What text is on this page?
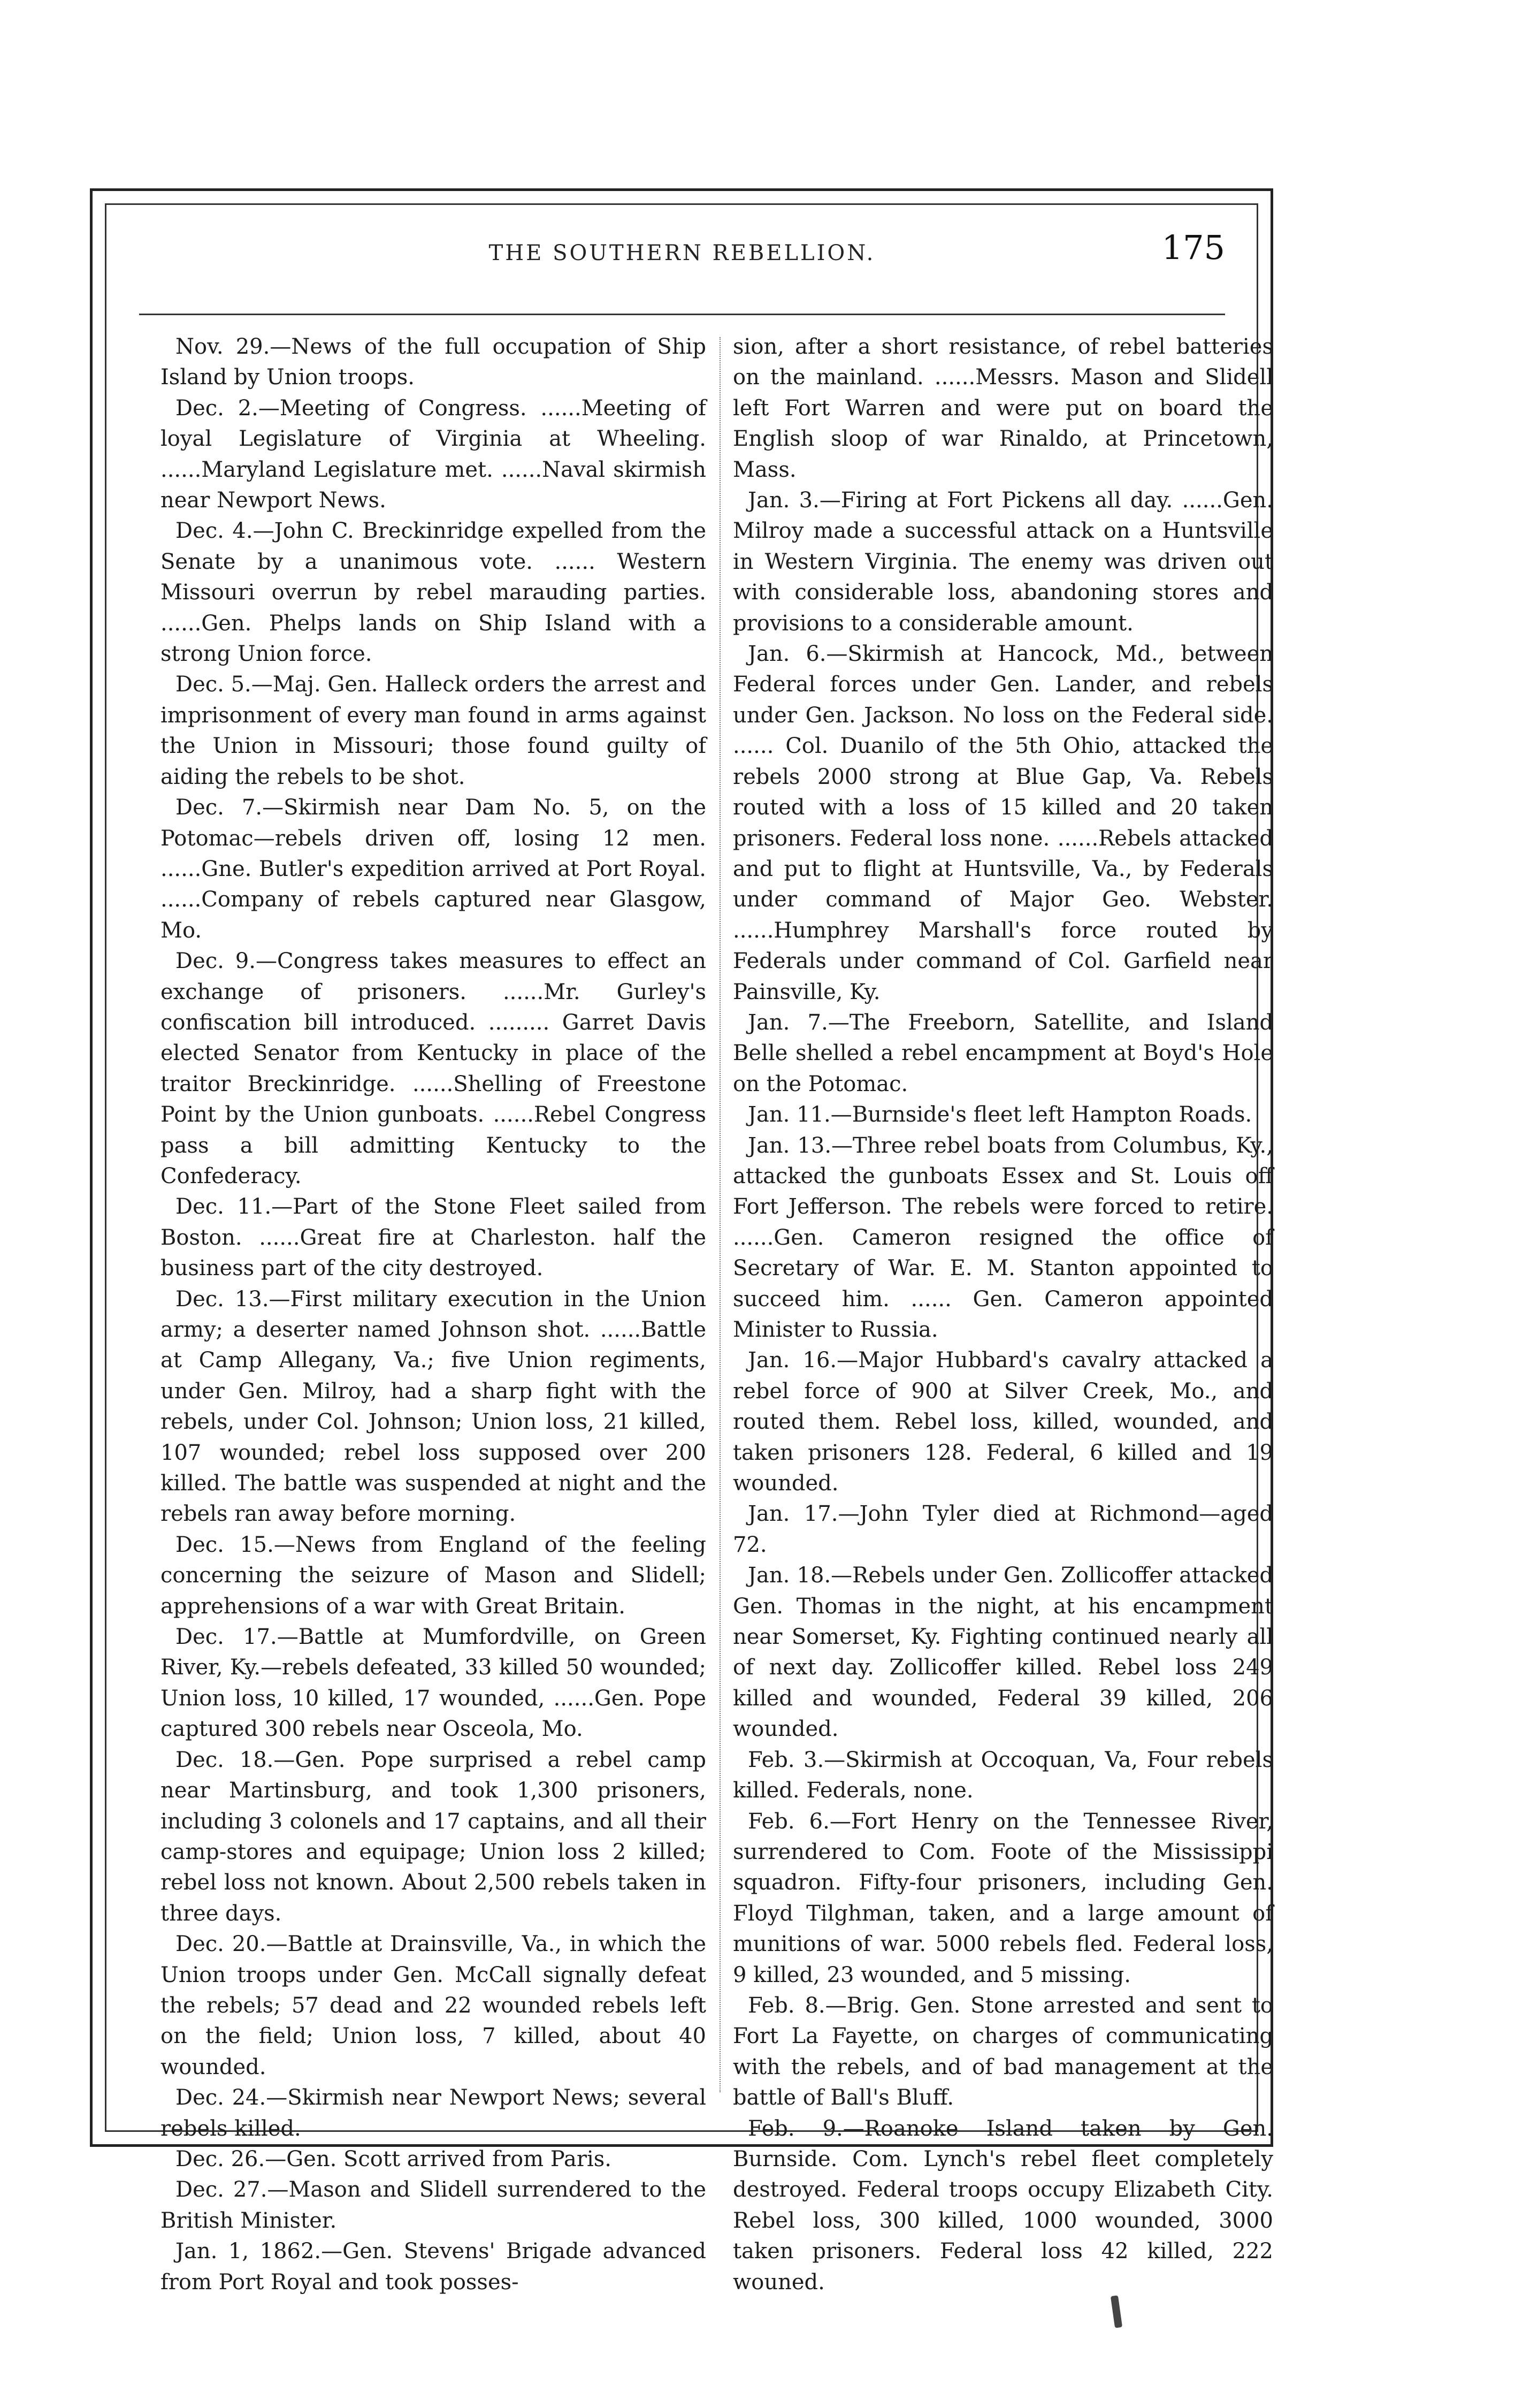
THE SOUTHERN REBELLION.	175

Nov. 29.—News of the full occupation of Ship Island by Union troops.

Dec. 2.—Meeting of Congress. ......Meeting of loyal Legislature of Virginia at Wheeling. ......Maryland Legislature met. ......Naval skirmish near Newport News.

Dec. 4.—John C. Breckinridge expelled from the Senate by a unanimous vote. ...... Western Missouri overrun by rebel marauding parties. ......Gen. Phelps lands on Ship Island with a strong Union force.

Dec. 5.—Maj. Gen. Halleck orders the arrest and imprisonment of every man found in arms against the Union in Missouri; those found guilty of aiding the rebels to be shot.

Dec. 7.—Skirmish near Dam No. 5, on the Potomac—rebels driven off, losing 12 men. ......Gne. Butler's expedition arrived at Port Royal. ......Company of rebels captured near Glasgow, Mo.

Dec. 9.—Congress takes measures to effect an exchange of prisoners. ......Mr. Gurley's confiscation bill introduced. ......... Garret Davis elected Senator from Kentucky in place of the traitor Breckinridge. ......Shelling of Freestone Point by the Union gunboats. ......Rebel Congress pass a bill admitting Kentucky to the Confederacy.

Dec. 11.—Part of the Stone Fleet sailed from Boston. ......Great fire at Charleston. half the business part of the city destroyed.

Dec. 13.—First military execution in the Union army; a deserter named Johnson shot. ......Battle at Camp Allegany, Va.; five Union regiments, under Gen. Milroy, had a sharp fight with the rebels, under Col. Johnson; Union loss, 21 killed, 107 wounded; rebel loss supposed over 200 killed. The battle was suspended at night and the rebels ran away before morning.

Dec. 15.—News from England of the feeling concerning the seizure of Mason and Slidell; apprehensions of a war with Great Britain.

Dec. 17.—Battle at Mumfordville, on Green River, Ky.—rebels defeated, 33 killed 50 wounded; Union loss, 10 killed, 17 wounded, ......Gen. Pope captured 300 rebels near Osceola, Mo.

Dec. 18.—Gen. Pope surprised a rebel camp near Martinsburg, and took 1,300 prisoners, including 3 colonels and 17 captains, and all their camp-stores and equipage; Union loss 2 killed; rebel loss not known. About 2,500 rebels taken in three days.

Dec. 20.—Battle at Drainsville, Va., in which the Union troops under Gen. McCall signally defeat the rebels; 57 dead and 22 wounded rebels left on the field; Union loss, 7 killed, about 40 wounded.

Dec. 24.—Skirmish near Newport News; several rebels killed.

Dec. 26.—Gen. Scott arrived from Paris.

Dec. 27.—Mason and Slidell surrendered to the British Minister.

Jan. 1, 1862.—Gen. Stevens' Brigade advanced from Port Royal and took posses-

sion, after a short resistance, of rebel batteries on the mainland. ......Messrs. Mason and Slidell left Fort Warren and were put on board the English sloop of war Rinaldo, at Princetown, Mass.

Jan. 3.—Firing at Fort Pickens all day. ......Gen. Milroy made a successful attack on a Huntsville in Western Virginia. The enemy was driven out with considerable loss, abandoning stores and provisions to a considerable amount.

Jan. 6.—Skirmish at Hancock, Md., between Federal forces under Gen. Lander, and rebels under Gen. Jackson. No loss on the Federal side. ...... Col. Duanilo of the 5th Ohio, attacked the rebels 2000 strong at Blue Gap, Va. Rebels routed with a loss of 15 killed and 20 taken prisoners. Federal loss none. ......Rebels attacked and put to flight at Huntsville, Va., by Federals under command of Major Geo. Webster. ......Humphrey Marshall's force routed by Federals under command of Col. Garfield near Painsville, Ky.

Jan. 7.—The Freeborn, Satellite, and Island Belle shelled a rebel encampment at Boyd's Hole on the Potomac.

Jan. 11.—Burnside's fleet left Hampton Roads.

Jan. 13.—Three rebel boats from Columbus, Ky., attacked the gunboats Essex and St. Louis off Fort Jefferson. The rebels were forced to retire. ......Gen. Cameron resigned the office of Secretary of War. E. M. Stanton appointed to succeed him. ...... Gen. Cameron appointed Minister to Russia.

Jan. 16.—Major Hubbard's cavalry attacked a rebel force of 900 at Silver Creek, Mo., and routed them. Rebel loss, killed, wounded, and taken prisoners 128. Federal, 6 killed and 19 wounded.

Jan. 17.—John Tyler died at Richmond—aged 72.

Jan. 18.—Rebels under Gen. Zollicoffer attacked Gen. Thomas in the night, at his encampment near Somerset, Ky. Fighting continued nearly all of next day. Zollicoffer killed. Rebel loss 249 killed and wounded, Federal 39 killed, 206 wounded.

Feb. 3.—Skirmish at Occoquan, Va, Four rebels killed. Federals, none.

Feb. 6.—Fort Henry on the Tennessee River, surrendered to Com. Foote of the Mississippi squadron. Fifty-four prisoners, including Gen. Floyd Tilghman, taken, and a large amount of munitions of war. 5000 rebels fled. Federal loss, 9 killed, 23 wounded, and 5 missing.

Feb. 8.—Brig. Gen. Stone arrested and sent to Fort La Fayette, on charges of communicating with the rebels, and of bad management at the battle of Ball's Bluff.

Feb. 9.—Roanoke Island taken by Gen. Burnside. Com. Lynch's rebel fleet completely destroyed. Federal troops occupy Elizabeth City. Rebel loss, 300 killed, 1000 wounded, 3000 taken prisoners. Federal loss 42 killed, 222 wouned.
